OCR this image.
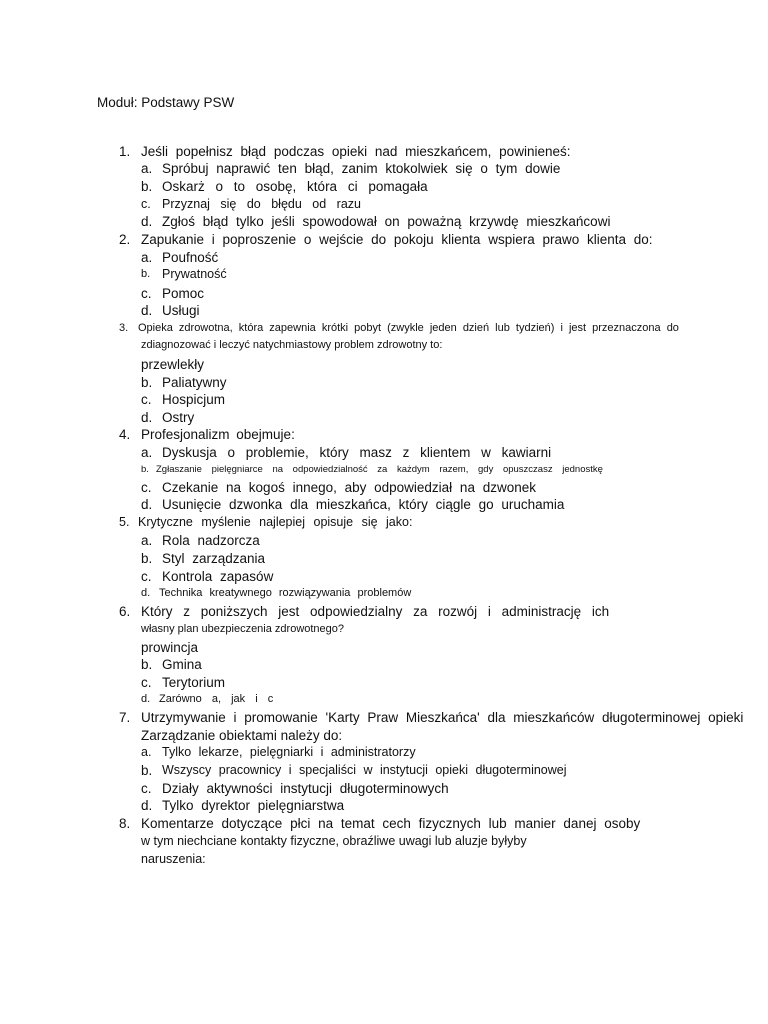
Moduł: Podstawy PSW
1. Jeśli popełnisz błąd podczas opieki nad mieszkańcem, powinieneś:
a. Spróbuj naprawić ten błąd, zanim ktokolwiek się o tym dowie
b. Oskarż o to osobę, która ci pomagała
c. Przyznaj się do błędu od razu
d. Zgłoś błąd tylko jeśli spowodował on poważną krzywdę mieszkańcowi
2. Zapukanie i poproszenie o wejście do pokoju klienta wspiera prawo klienta do:
a. Poufność
b. Prywatność
c. Pomoc
d. Usługi
3. Opieka zdrowotna, która zapewnia krótki pobyt (zwykle jeden dzień lub tydzień) i jest przeznaczona do
zdiagnozować i leczyć natychmiastowy problem zdrowotny to:
przewlekły
b. Paliatywny
c. Hospicjum
d. Ostry
4. Profesjonalizm obejmuje:
a. Dyskusja o problemie, który masz z klientem w kawiarni
b. Zgłaszanie pielęgniarce na odpowiedzialność za każdym razem, gdy opuszczasz jednostkę
c. Czekanie na kogoś innego, aby odpowiedział na dzwonek
d. Usunięcie dzwonka dla mieszkańca, który ciągle go uruchamia
5. Krytyczne myślenie najlepiej opisuje się jako:
a. Rola nadzorcza
b. Styl zarządzania
c. Kontrola zapasów
d. Technika kreatywnego rozwiązywania problemów
6. Który z poniższych jest odpowiedzialny za rozwój i administrację ich
własny plan ubezpieczenia zdrowotnego?
prowincja
b. Gmina
c. Terytorium
d. Zarówno a, jak i c
7. Utrzymywanie i promowanie 'Karty Praw Mieszkańca' dla mieszkańców długoterminowej opieki
Zarządzanie obiektami należy do:
a. Tylko lekarze, pielęgniarki i administratorzy
b. Wszyscy pracownicy i specjaliści w instytucji opieki długoterminowej
c. Działy aktywności instytucji długoterminowych
d. Tylko dyrektor pielęgniarstwa
8. Komentarze dotyczące płci na temat cech fizycznych lub manier danej osoby
w tym niechciane kontakty fizyczne, obraźliwe uwagi lub aluzje byłyby
naruszenia:
